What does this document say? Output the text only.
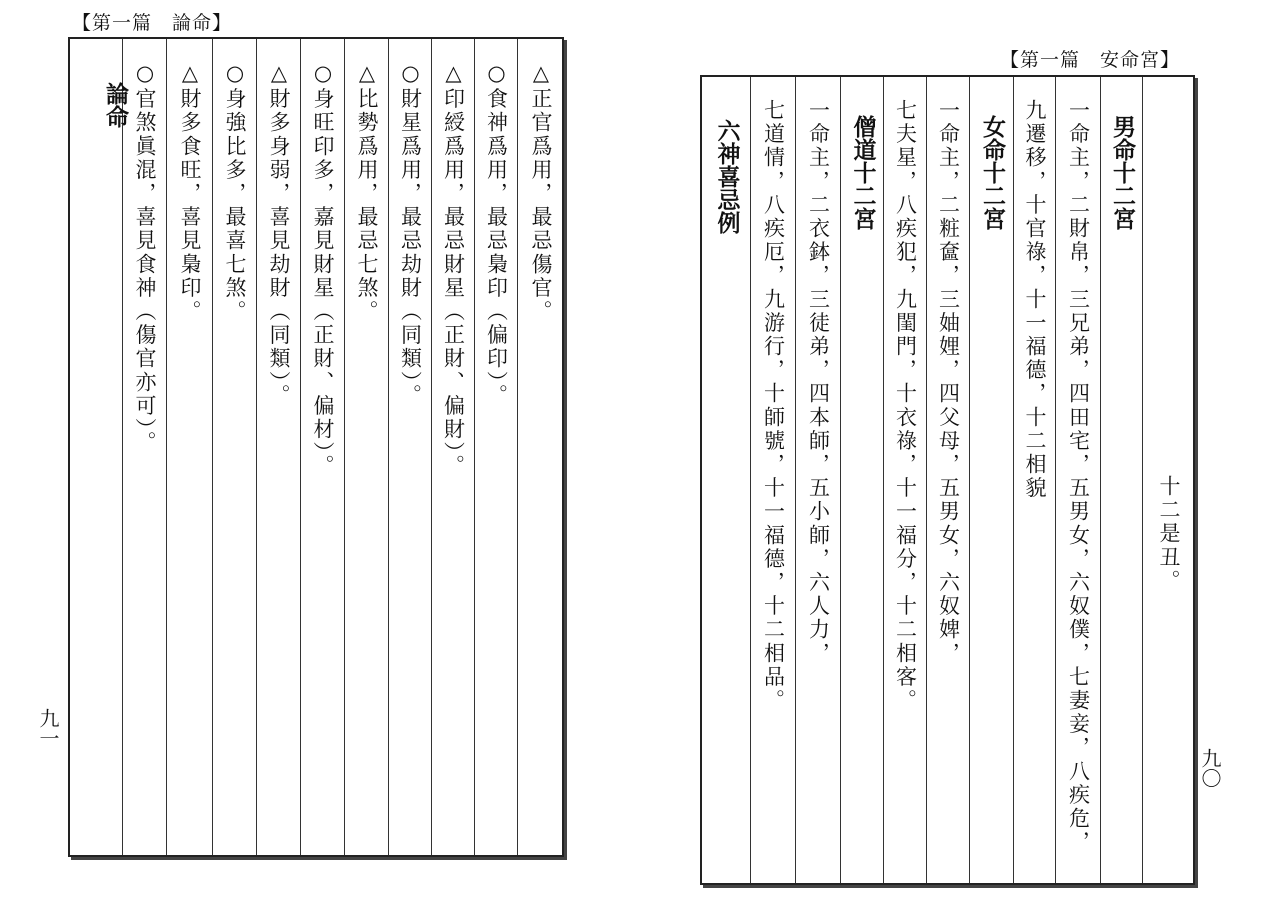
【第一篇　論命】
○官煞眞混，喜見食神（傷官亦可）。 △財多食旺，喜見梟印。 ○身強比多，最喜七煞。 △財多身弱，喜見劫財（同類）。 ○身旺印多，嘉見財星（正財、偏材）。 △比勢爲用，最忌七煞。 ○財星爲用，最忌劫財（同類）。 △印綬爲用，最忌財星（正財、偏財）。 ○食神爲用，最忌梟印（偏印）。 △正官爲用，最忌傷官。
論命
九一
【第一篇　安命宮】
六神喜忌例 七道情，八疾厄，九游行，十師號，十一福德，十二相品。 一命主，二衣鉢，三徒弟，四本師，五小師，六人力， 僧道十二宮 七夫星，八疾犯，九閨門，十衣祿，十一福分，十二相客。 一命主，二粧奩，三妯娌，四父母，五男女，六奴婢， 女命十二宮 九遷移，十官祿，十一福德，十二相貌 一命主，二財帛，三兄弟，四田宅，五男女，六奴僕，七妻妾，八疾危， 男命十二宮
十二是丑。
九〇
